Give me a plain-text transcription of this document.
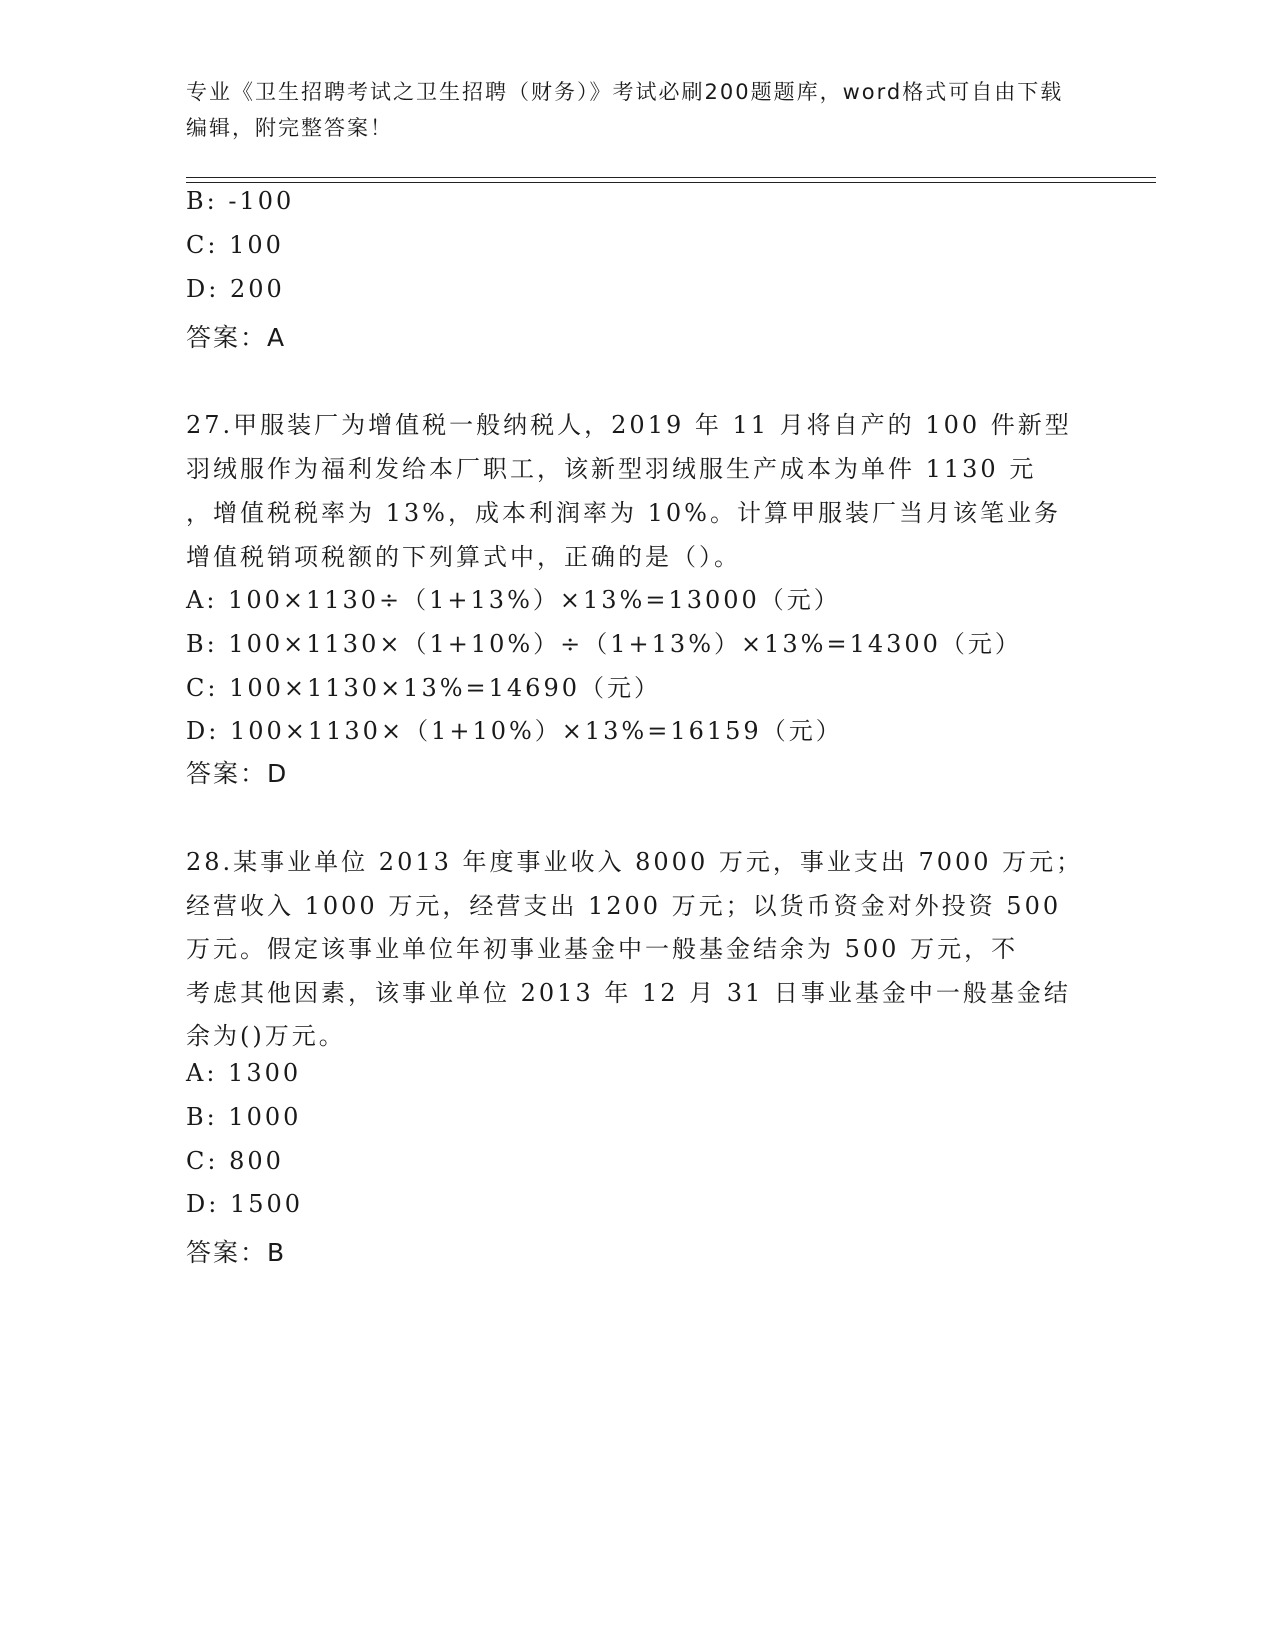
专业《卫生招聘考试之卫生招聘（财务）》考试必刷200题题库，word格式可自由下载编辑，附完整答案！
B: -100
C: 100
D: 200
答案：A
27.甲服装厂为增值税一般纳税人，2019 年 11 月将自产的 100 件新型
羽绒服作为福利发给本厂职工，该新型羽绒服生产成本为单件 1130 元
，增值税税率为 13%，成本利润率为 10%。计算甲服装厂当月该笔业务
增值税销项税额的下列算式中，正确的是（）。
A: 100×1130÷（1+13%）×13%=13000（元）
B: 100×1130×（1+10%）÷（1+13%）×13%=14300（元）
C: 100×1130×13%=14690（元）
D: 100×1130×（1+10%）×13%=16159（元）
答案：D
28.某事业单位 2013 年度事业收入 8000 万元，事业支出 7000 万元；
经营收入 1000 万元，经营支出 1200 万元；以货币资金对外投资 500
万元。假定该事业单位年初事业基金中一般基金结余为 500 万元，不
考虑其他因素，该事业单位 2013 年 12 月 31 日事业基金中一般基金结
余为()万元。
A: 1300
B: 1000
C: 800
D: 1500
答案：B
